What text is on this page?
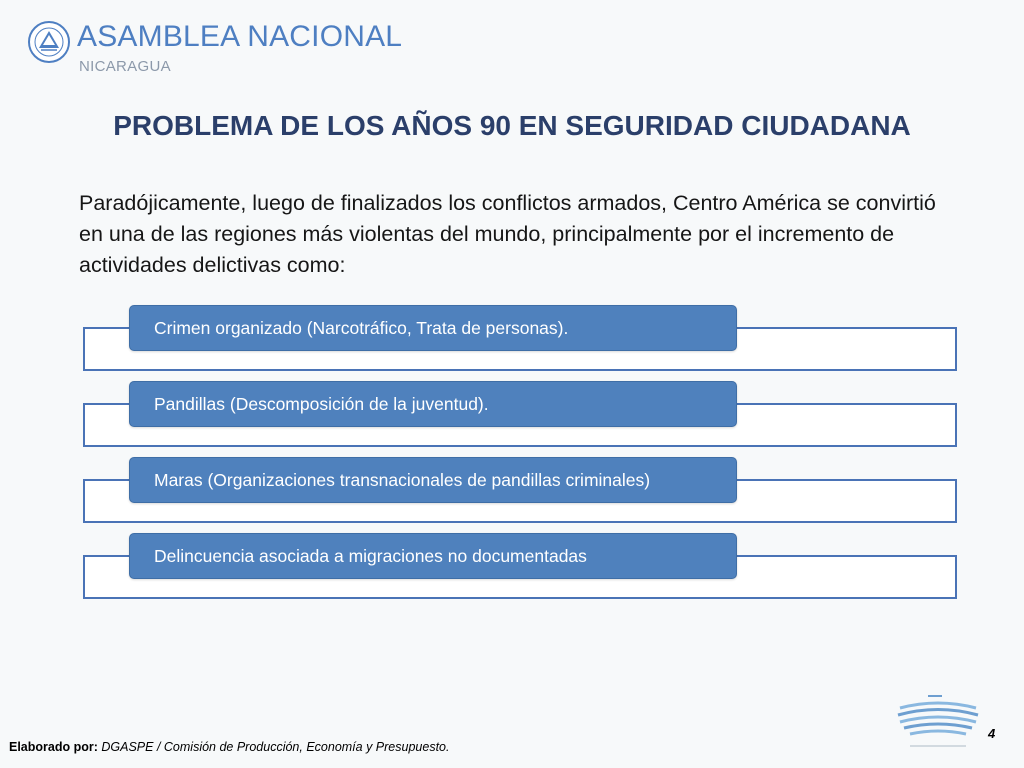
ASAMBLEA NACIONAL
NICARAGUA
PROBLEMA DE LOS AÑOS 90 EN SEGURIDAD CIUDADANA

Paradójicamente, luego de finalizados los conflictos armados, Centro América se convirtió en una de las regiones más violentas del mundo, principalmente por el incremento de actividades delictivas como:

Crimen organizado (Narcotráfico, Trata de personas).
Pandillas (Descomposición de la juventud).
Maras (Organizaciones transnacionales de pandillas criminales)
Delincuencia asociada a migraciones no documentadas
Elaborado por: DGASPE / Comisión de Producción, Economía y Presupuesto.
4
